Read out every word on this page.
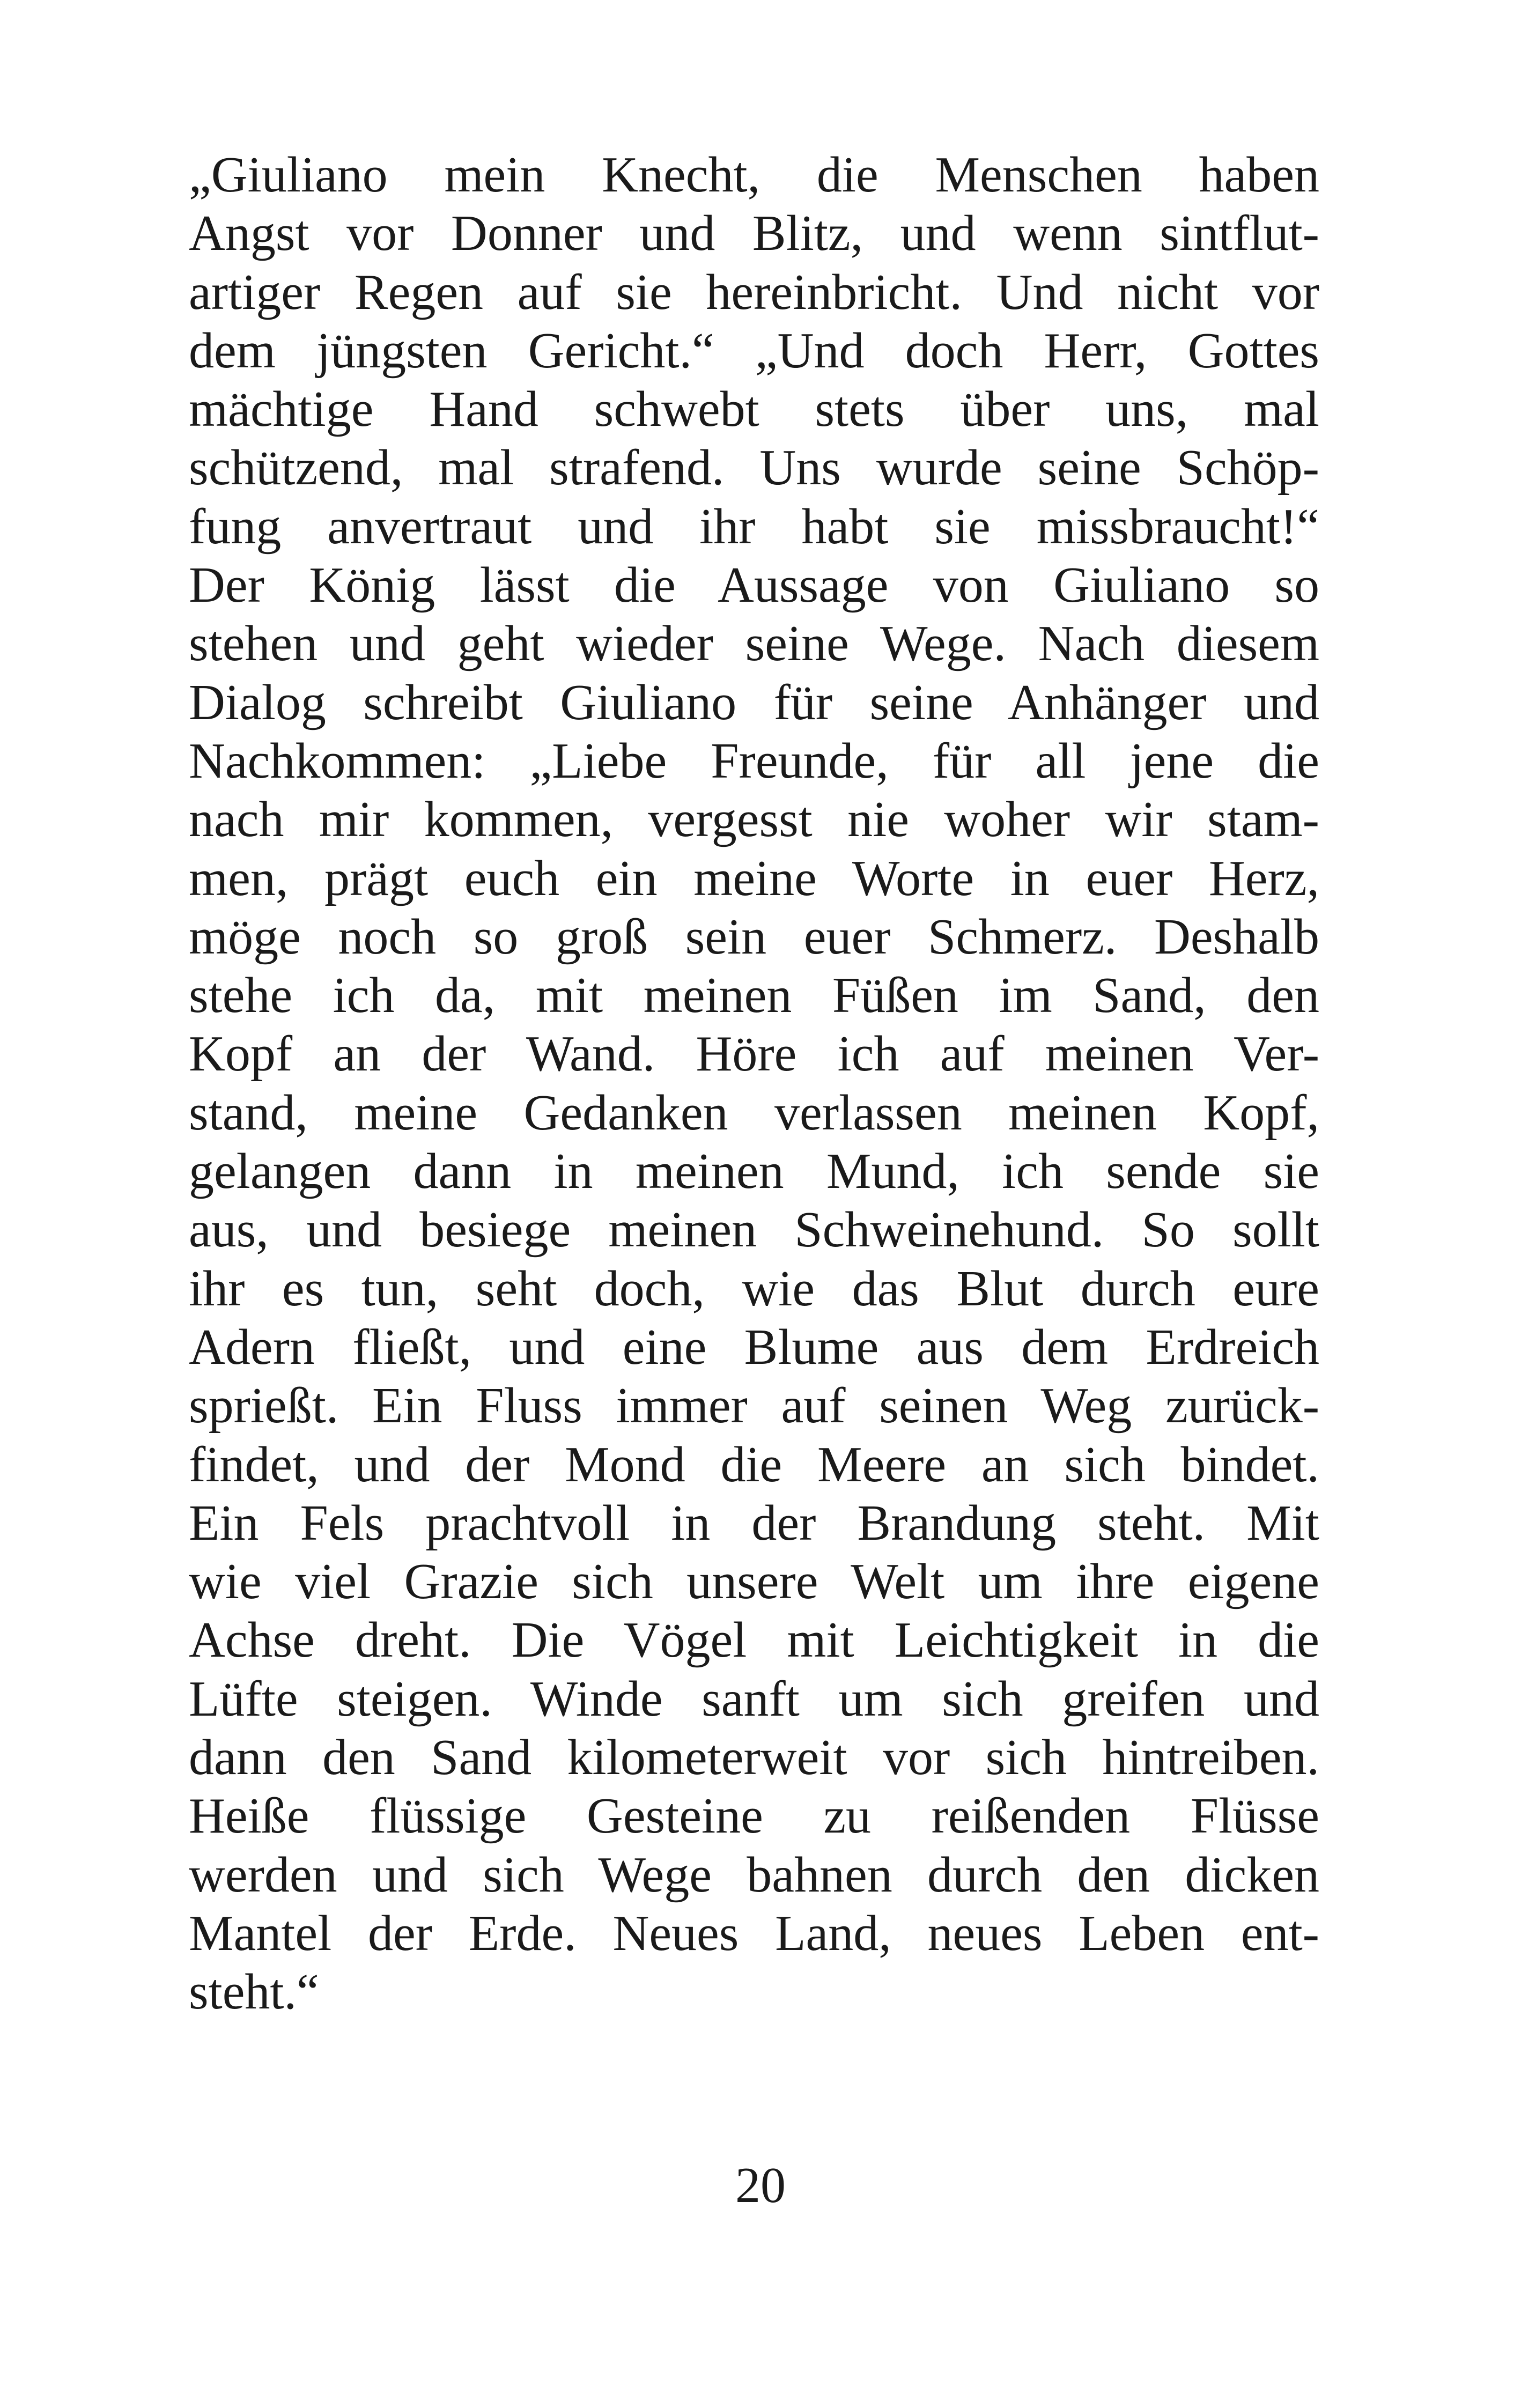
„Giuliano mein Knecht, die Menschen haben
Angst vor Donner und Blitz, und wenn sintflut-
artiger Regen auf sie hereinbricht. Und nicht vor
dem jüngsten Gericht.“ „Und doch Herr, Gottes
mächtige Hand schwebt stets über uns, mal
schützend, mal strafend. Uns wurde seine Schöp-
fung anvertraut und ihr habt sie missbraucht!“
Der König lässt die Aussage von Giuliano so
stehen und geht wieder seine Wege. Nach diesem
Dialog schreibt Giuliano für seine Anhänger und
Nachkommen: „Liebe Freunde, für all jene die
nach mir kommen, vergesst nie woher wir stam-
men, prägt euch ein meine Worte in euer Herz,
möge noch so groß sein euer Schmerz. Deshalb
stehe ich da, mit meinen Füßen im Sand, den
Kopf an der Wand. Höre ich auf meinen Ver-
stand, meine Gedanken verlassen meinen Kopf,
gelangen dann in meinen Mund, ich sende sie
aus, und besiege meinen Schweinehund. So sollt
ihr es tun, seht doch, wie das Blut durch eure
Adern fließt, und eine Blume aus dem Erdreich
sprießt. Ein Fluss immer auf seinen Weg zurück-
findet, und der Mond die Meere an sich bindet.
Ein Fels prachtvoll in der Brandung steht. Mit
wie viel Grazie sich unsere Welt um ihre eigene
Achse dreht. Die Vögel mit Leichtigkeit in die
Lüfte steigen. Winde sanft um sich greifen und
dann den Sand kilometerweit vor sich hintreiben.
Heiße flüssige Gesteine zu reißenden Flüsse
werden und sich Wege bahnen durch den dicken
Mantel der Erde. Neues Land, neues Leben ent-
steht.“
20
